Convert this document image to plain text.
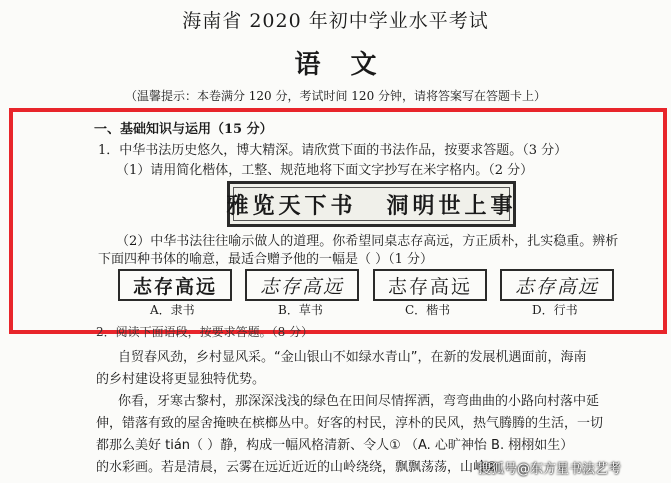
海南省 2020 年初中学业水平考试
语文
（温馨提示：本卷满分 120 分，考试时间 120 分钟，请将答案写在答题卡上）
一、基础知识与运用（15 分）
1．中华书法历史悠久，博大精深。请欣赏下面的书法作品，按要求答题。（3 分）
（1）请用简化楷体，工整、规范地将下面文字抄写在米字格内。（2 分）
雅览天下书 洞明世上事
（2）中华书法往往喻示做人的道理。你希望同桌志存高远，方正质朴，扎实稳重。辨析
下面四种书体的喻意，最适合赠予他的一幅是（ ）（1 分）
志存高远	志存高远	志存高远	志存高远
A．隶书	B．草书	C．楷书	D．行书
2．阅读下面语段，按要求答题。（8 分）
自贸春风劲，乡村显风采。“金山银山不如绿水青山”，在新的发展机遇面前，海南
的乡村建设将更显独特优势。
你看，牙寒古黎村，那深深浅浅的绿色在田间尽情挥洒，弯弯曲曲的小路向村落中延
伸，错落有致的屋舍掩映在槟榔丛中。好客的村民，淳朴的民风，热气腾腾的生活，一切
都那么美好 tián（ ）静，构成一幅风格清新、令人① （A. 心旷神怡 B. 栩栩如生）
的水彩画。若是清晨，云雾在远近近近的山岭绕绕，飘飘荡荡，山岭②
搜狐号@东方星书法艺考
